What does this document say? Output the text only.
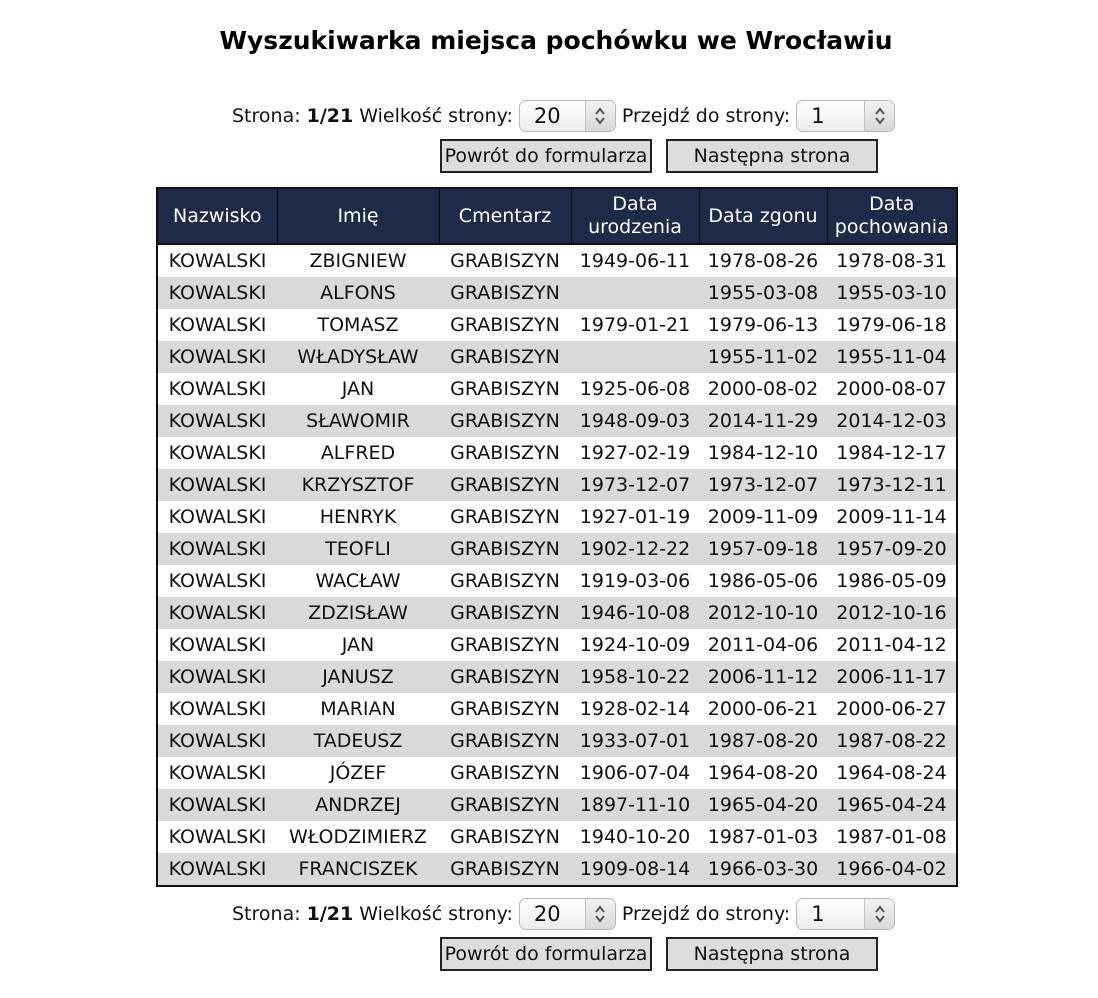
Wyszukiwarka miejsca pochówku we Wrocławiu
Strona: 1/21 Wielkość strony:	20	Przejdź do strony:	1
Powrót do formularza	Następna strona
Nazwisko	Imię	Cmentarz	Data urodzenia	Data zgonu	Data pochowania
KOWALSKI	ZBIGNIEW	GRABISZYN	1949-06-11	1978-08-26	1978-08-31
KOWALSKI	ALFONS	GRABISZYN		1955-03-08	1955-03-10
KOWALSKI	TOMASZ	GRABISZYN	1979-01-21	1979-06-13	1979-06-18
KOWALSKI	WŁADYSŁAW	GRABISZYN		1955-11-02	1955-11-04
KOWALSKI	JAN	GRABISZYN	1925-06-08	2000-08-02	2000-08-07
KOWALSKI	SŁAWOMIR	GRABISZYN	1948-09-03	2014-11-29	2014-12-03
KOWALSKI	ALFRED	GRABISZYN	1927-02-19	1984-12-10	1984-12-17
KOWALSKI	KRZYSZTOF	GRABISZYN	1973-12-07	1973-12-07	1973-12-11
KOWALSKI	HENRYK	GRABISZYN	1927-01-19	2009-11-09	2009-11-14
KOWALSKI	TEOFLI	GRABISZYN	1902-12-22	1957-09-18	1957-09-20
KOWALSKI	WACŁAW	GRABISZYN	1919-03-06	1986-05-06	1986-05-09
KOWALSKI	ZDZISŁAW	GRABISZYN	1946-10-08	2012-10-10	2012-10-16
KOWALSKI	JAN	GRABISZYN	1924-10-09	2011-04-06	2011-04-12
KOWALSKI	JANUSZ	GRABISZYN	1958-10-22	2006-11-12	2006-11-17
KOWALSKI	MARIAN	GRABISZYN	1928-02-14	2000-06-21	2000-06-27
KOWALSKI	TADEUSZ	GRABISZYN	1933-07-01	1987-08-20	1987-08-22
KOWALSKI	JÓZEF	GRABISZYN	1906-07-04	1964-08-20	1964-08-24
KOWALSKI	ANDRZEJ	GRABISZYN	1897-11-10	1965-04-20	1965-04-24
KOWALSKI	WŁODZIMIERZ	GRABISZYN	1940-10-20	1987-01-03	1987-01-08
KOWALSKI	FRANCISZEK	GRABISZYN	1909-08-14	1966-03-30	1966-04-02
Strona: 1/21 Wielkość strony:	20	Przejdź do strony:	1
Powrót do formularza	Następna strona
